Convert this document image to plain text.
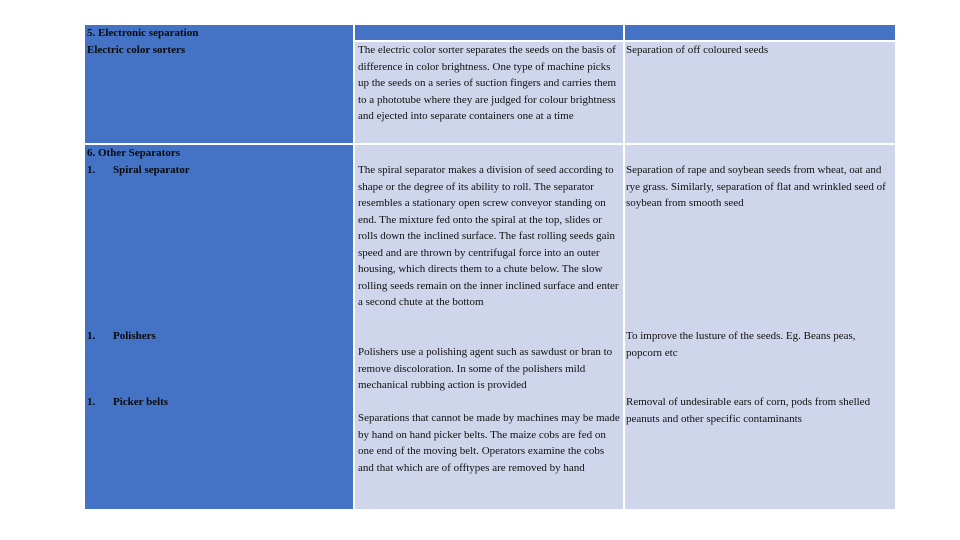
5. Electronic separation
Electric color sorters	The electric color sorter separates the seeds on the basis of difference in color brightness. One type of machine picks up the seeds on a series of suction fingers and carries them to a phototube where they are judged for colour brightness and ejected into separate containers one at a time
Separation of off coloured seeds
6. Other Separators
1. Spiral separator	The spiral separator makes a division of seed according to shape or the degree of its ability to roll. The separator resembles a stationary open screw conveyor standing on end. The mixture fed onto the spiral at the top, slides or rolls down the inclined surface. The fast rolling seeds gain speed and are thrown by centrifugal force into an outer housing, which directs them to a chute below. The slow rolling seeds remain on the inner inclined surface and enter a second chute at the bottom
Separation of rape and soybean seeds from wheat, oat and rye grass. Similarly, separation of flat and wrinkled seed of soybean from smooth seed
1. Polishers
Polishers use a polishing agent such as sawdust or bran to remove discoloration. In some of the polishers mild mechanical rubbing action is provided
To improve the lusture of the seeds. Eg. Beans peas, popcorn etc
1. Picker belts
Separations that cannot be made by machines may be made by hand on hand picker belts. The maize cobs are fed on one end of the moving belt. Operators examine the cobs and that which are of offtypes are removed by hand
Removal of undesirable ears of corn, pods from shelled peanuts and other specific contaminants
